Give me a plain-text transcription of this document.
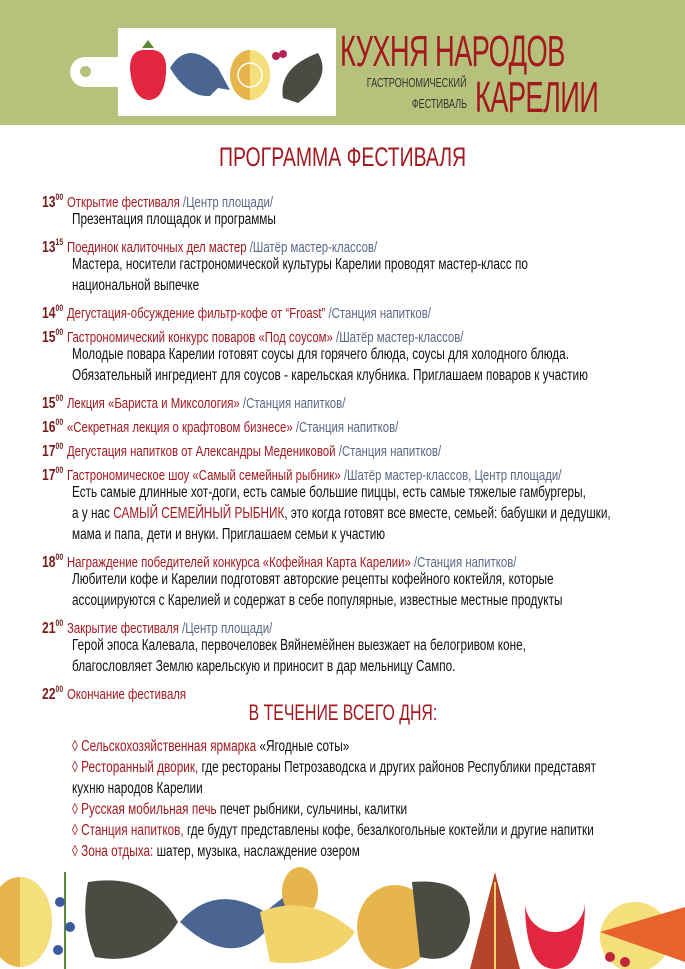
КУХНЯ НАРОДОВ
КАРЕЛИИ
ГАСТРОНОМИЧЕСКИЙ
ФЕСТИВАЛЬ
ПРОГРАММА ФЕСТИВАЛЯ
$13^{00}$ Открытие фестиваля /Центр площади/
Презентация площадок и программы
$13^{15}$ Поединок калиточных дел мастер /Шатёр мастер-классов/
Мастера, носители гастрономической культуры Карелии проводят мастер-класс по
национальной выпечке
$14^{00}$ Дегустация-обсуждение фильтр-кофе от “Froast” /Станция напитков/
$15^{00}$ Гастрономический конкурс поваров «Под соусом» /Шатёр мастер-классов/
Молодые повара Карелии готовят соусы для горячего блюда, соусы для холодного блюда.
Обязательный ингредиент для соусов - карельская клубника. Приглашаем поваров к участию
$15^{00}$ Лекция «Бариста и Миксология» /Станция напитков/
$16^{00}$ «Секретная лекция о крафтовом бизнесе» /Станция напитков/
$17^{00}$ Дегустация напитков от Александры Медениковой /Станция напитков/
$17^{00}$ Гастрономическое шоу «Самый семейный рыбник» /Шатёр мастер-классов, Центр площади/
Есть самые длинные хот-доги, есть самые большие пиццы, есть самые тяжелые гамбургеры,
а у нас САМЫЙ СЕМЕЙНЫЙ РЫБНИК, это когда готовят все вместе, семьей: бабушки и дедушки,
мама и папа, дети и внуки. Приглашаем семьи к участию
$18^{00}$ Награждение победителей конкурса «Кофейная Карта Карелии» /Станция напитков/
Любители кофе и Карелии подготовят авторские рецепты кофейного коктейля, которые
ассоциируются с Карелией и содержат в себе популярные, известные местные продукты
$21^{00}$ Закрытие фестиваля /Центр площади/
Герой эпоса Калевала, первочеловек Вяйнемёйнен выезжает на белогривом коне,
благословляет Землю карельскую и приносит в дар мельницу Сампо.
$22^{00}$ Окончание фестиваля
В ТЕЧЕНИЕ ВСЕГО ДНЯ:
◊ Сельскохозяйственная ярмарка «Ягодные соты»
◊ Ресторанный дворик, где рестораны Петрозаводска и других районов Республики представят
кухню народов Карелии
◊ Русская мобильная печь печет рыбники, сульчины, калитки
◊ Станция напитков, где будут представлены кофе, безалкогольные коктейли и другие напитки
◊ Зона отдыха: шатер, музыка, наслаждение озером
